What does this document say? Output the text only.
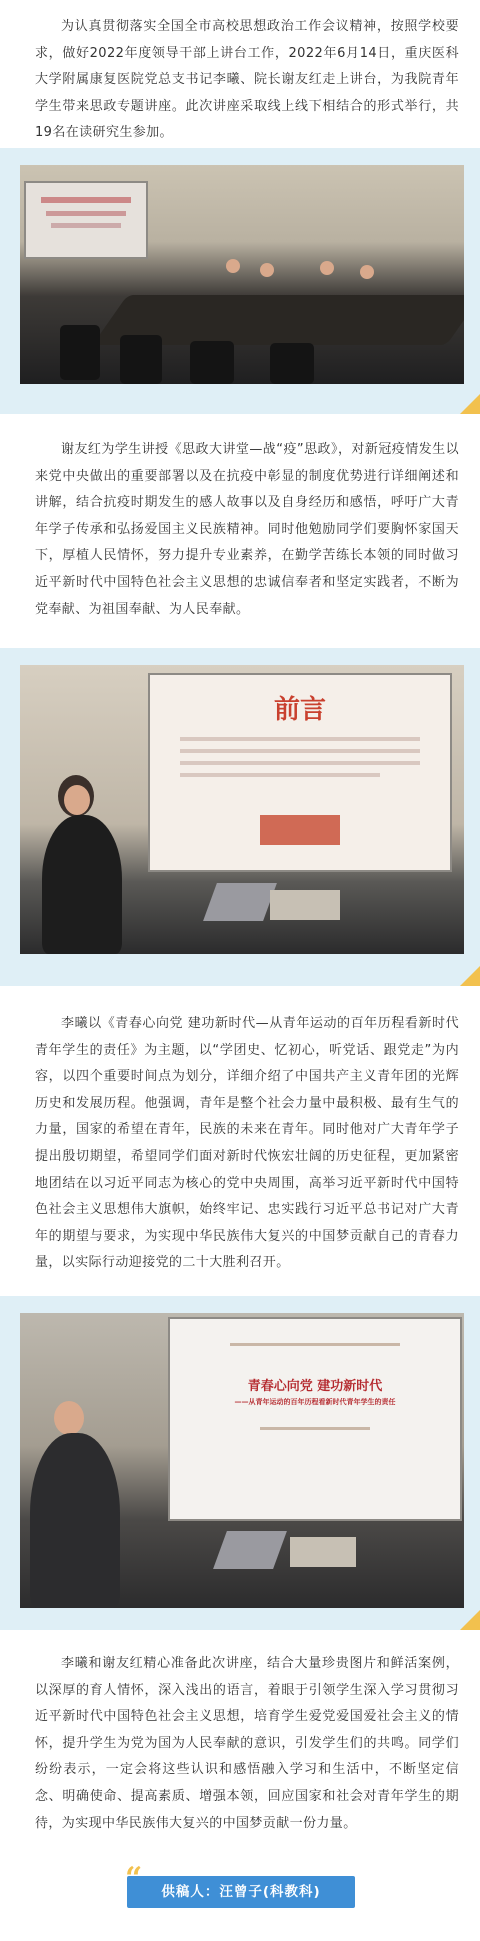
为认真贯彻落实全国全市高校思想政治工作会议精神，按照学校要求，做好2022年度领导干部上讲台工作，2022年6月14日，重庆医科大学附属康复医院党总支书记李曦、院长谢友红走上讲台，为我院青年学生带来思政专题讲座。此次讲座采取线上线下相结合的形式举行，共19名在读研究生参加。

谢友红为学生讲授《思政大讲堂—战“疫”思政》，对新冠疫情发生以来党中央做出的重要部署以及在抗疫中彰显的制度优势进行详细阐述和讲解，结合抗疫时期发生的感人故事以及自身经历和感悟，呼吁广大青年学子传承和弘扬爱国主义民族精神。同时他勉励同学们要胸怀家国天下，厚植人民情怀，努力提升专业素养，在勤学苦练长本领的同时做习近平新时代中国特色社会主义思想的忠诚信奉者和坚定实践者，不断为党奉献、为祖国奉献、为人民奉献。

前言

李曦以《青春心向党 建功新时代—从青年运动的百年历程看新时代青年学生的责任》为主题，以“学团史、忆初心，听党话、跟党走”为内容，以四个重要时间点为划分，详细介绍了中国共产主义青年团的光辉历史和发展历程。他强调，青年是整个社会力量中最积极、最有生气的力量，国家的希望在青年，民族的未来在青年。同时他对广大青年学子提出殷切期望，希望同学们面对新时代恢宏壮阔的历史征程，更加紧密地团结在以习近平同志为核心的党中央周围，高举习近平新时代中国特色社会主义思想伟大旗帜，始终牢记、忠实践行习近平总书记对广大青年的期望与要求，为实现中华民族伟大复兴的中国梦贡献自己的青春力量，以实际行动迎接党的二十大胜利召开。

青春心向党 建功新时代
——从青年运动的百年历程看新时代青年学生的责任

李曦和谢友红精心准备此次讲座，结合大量珍贵图片和鲜活案例，以深厚的育人情怀，深入浅出的语言，着眼于引领学生深入学习贯彻习近平新时代中国特色社会主义思想，培育学生爱党爱国爱社会主义的情怀，提升学生为党为国为人民奉献的意识，引发学生们的共鸣。同学们纷纷表示，一定会将这些认识和感悟融入学习和生活中，不断坚定信念、明确使命、提高素质、增强本领，回应国家和社会对青年学生的期待，为实现中华民族伟大复兴的中国梦贡献一份力量。

“	供稿人：汪曾子(科教科)
